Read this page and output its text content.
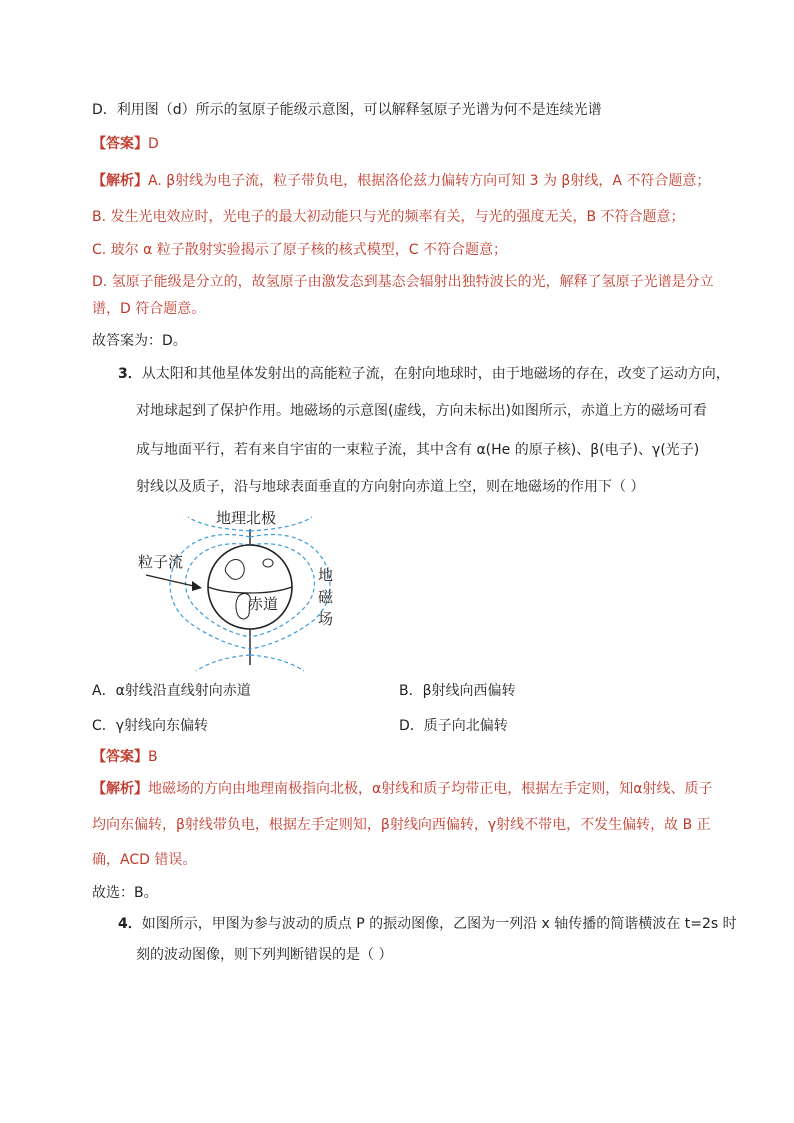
D．利用图（d）所示的氢原子能级示意图，可以解释氢原子光谱为何不是连续光谱
【答案】D
【解析】A. β射线为电子流，粒子带负电，根据洛伦兹力偏转方向可知 3 为 β射线，A 不符合题意；
B. 发生光电效应时，光电子的最大初动能只与光的频率有关，与光的强度无关，B 不符合题意；
C. 玻尔 α 粒子散射实验揭示了原子核的核式模型，C 不符合题意；
D. 氢原子能级是分立的，故氢原子由激发态到基态会辐射出独特波长的光，解释了氢原子光谱是分立
谱，D 符合题意。
故答案为：D。
3．从太阳和其他星体发射出的高能粒子流，在射向地球时，由于地磁场的存在，改变了运动方向，
对地球起到了保护作用。地磁场的示意图(虚线，方向未标出)如图所示，赤道上方的磁场可看
成与地面平行，若有来自宇宙的一束粒子流，其中含有 α(He 的原子核)、β(电子)、γ(光子)
射线以及质子，沿与地球表面垂直的方向射向赤道上空，则在地磁场的作用下（ ）
地理北极
赤道
粒子流
地
磁
场
A．α射线沿直线射向赤道	B．β射线向西偏转
C．γ射线向东偏转	D．质子向北偏转
【答案】B
【解析】地磁场的方向由地理南极指向北极，α射线和质子均带正电，根据左手定则，知α射线、质子
均向东偏转，β射线带负电，根据左手定则知，β射线向西偏转，γ射线不带电，不发生偏转，故 B 正
确，ACD 错误。
故选：B。
4．如图所示，甲图为参与波动的质点 P 的振动图像，乙图为一列沿 x 轴传播的简谐横波在 t=2s 时
刻的波动图像，则下列判断错误的是（ ）
